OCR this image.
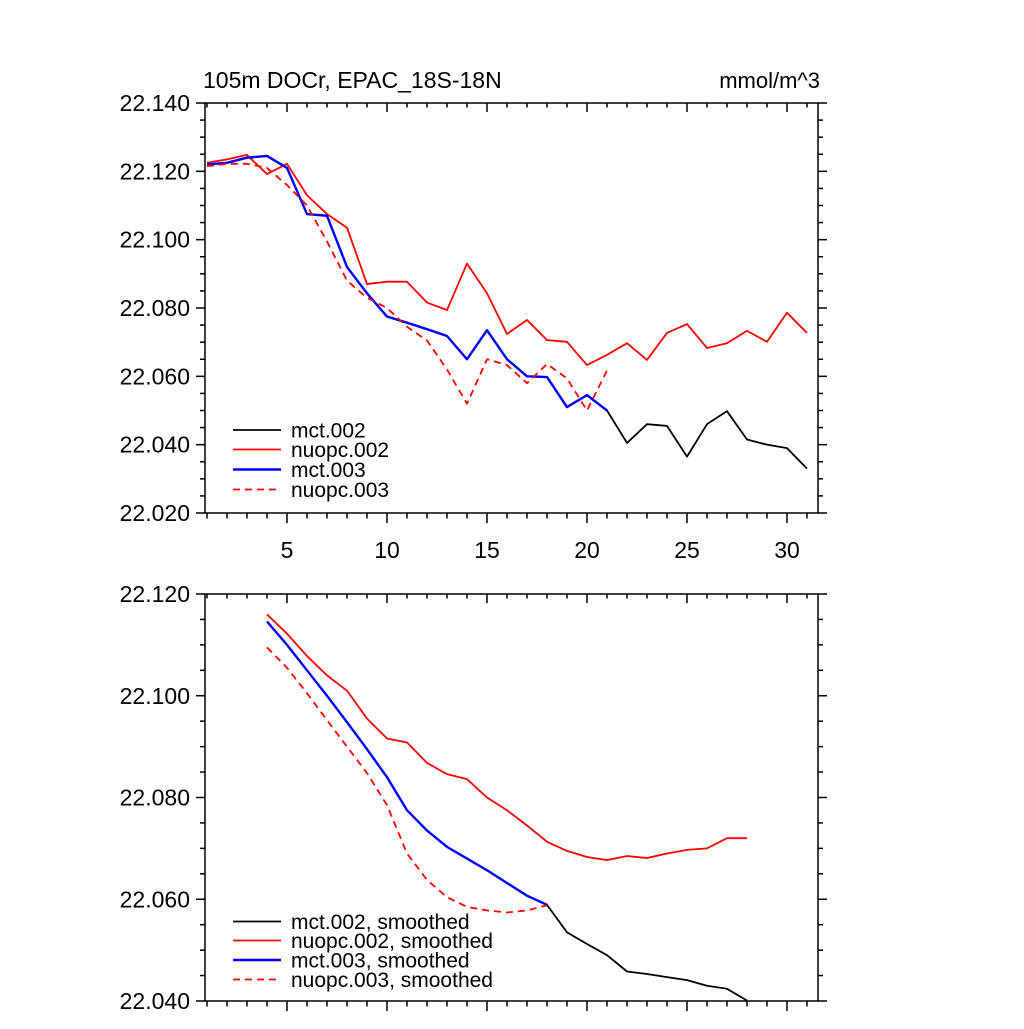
22.020
22.040
22.060
22.080
22.100
22.120
22.140
5	10	15	20	25	30
105m DOCr, EPAC_18S-18N	mmol/m^3
mct.002
nuopc.002
mct.003
nuopc.003
22.040
22.060
22.080
22.100
22.120
mct.002, smoothed
nuopc.002, smoothed
mct.003, smoothed
nuopc.003, smoothed
